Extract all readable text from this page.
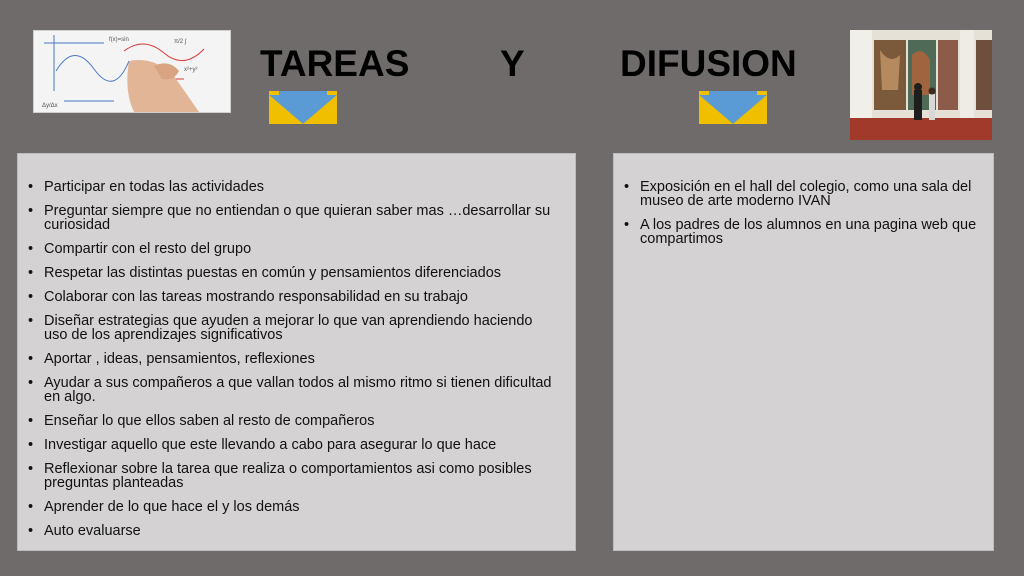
f(x)=sin	π/2 ∫
x²+y²
Δy/Δx
TAREAS Y	DIFUSION
• Participar en todas las actividades
• Preguntar siempre que no entiendan o que quieran saber mas …desarrollar su curiosidad
• Compartir con el resto del grupo
• Respetar las distintas puestas en común y pensamientos diferenciados
• Colaborar con las tareas mostrando responsabilidad en su trabajo
• Diseñar estrategias que ayuden a mejorar lo que van aprendiendo haciendo uso de los aprendizajes significativos
• Aportar , ideas, pensamientos, reflexiones
• Ayudar a sus compañeros a que vallan todos al mismo ritmo si tienen dificultad en algo.
• Enseñar lo que ellos saben al resto de compañeros
• Investigar aquello que este llevando a cabo para asegurar lo que hace
• Reflexionar sobre la tarea que realiza o comportamientos asi como posibles preguntas planteadas
• Aprender de lo que hace el y los demás
• Auto evaluarse
• Exposición en el hall del colegio, como una sala del museo de arte moderno IVAN
• A los padres de los alumnos en una pagina web que compartimos
